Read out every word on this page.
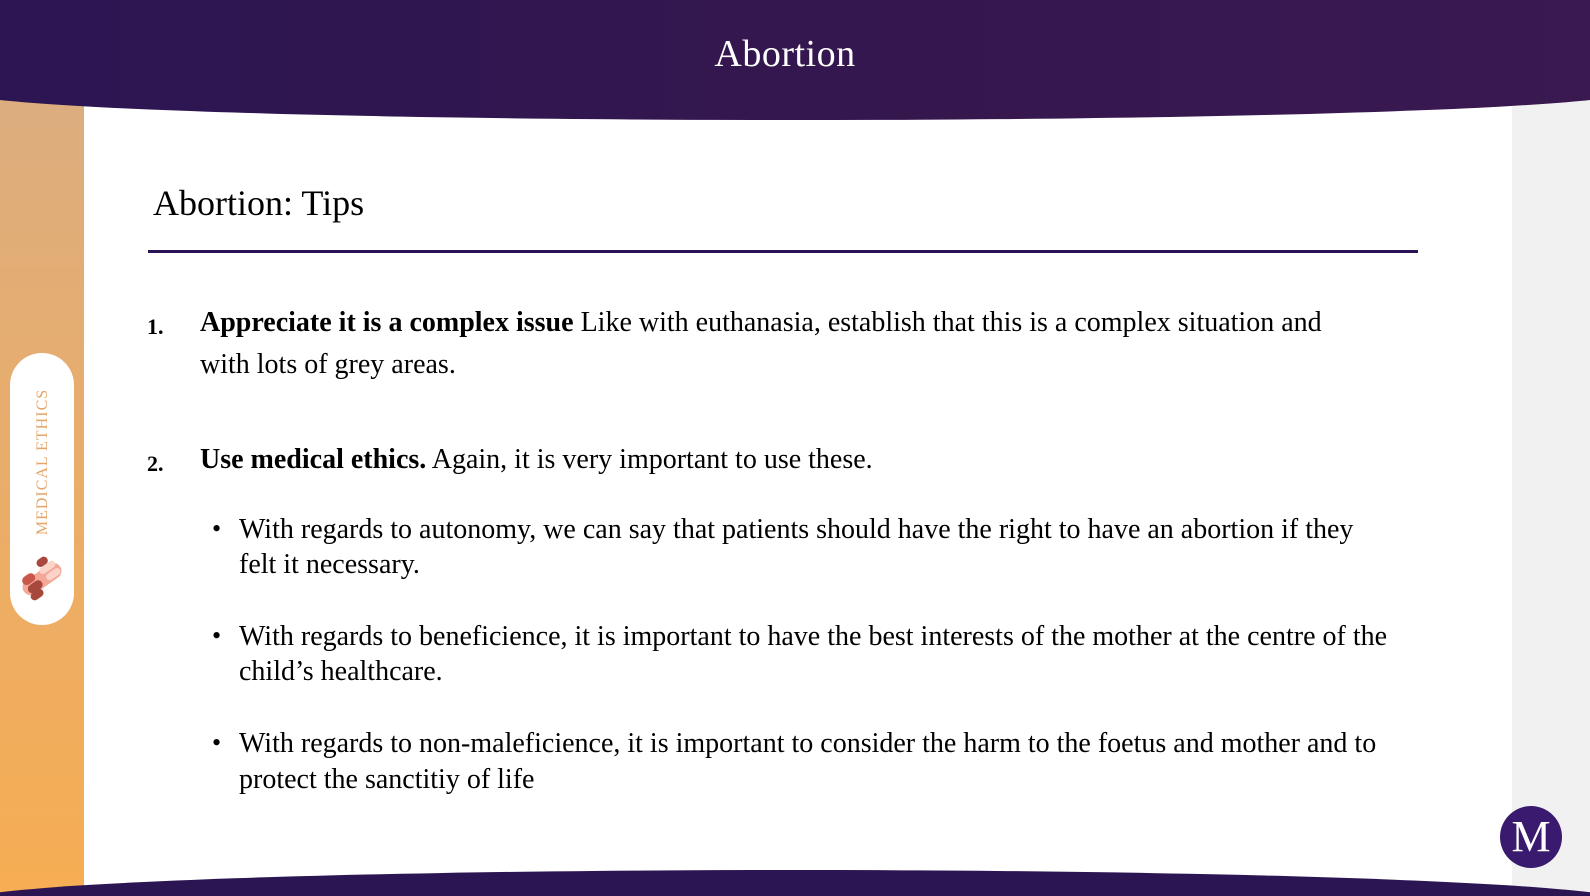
Abortion
MEDICAL ETHICS
Abortion: Tips
1. Appreciate it is a complex issue Like with euthanasia, establish that this is a complex situation and
with lots of grey areas.
2. Use medical ethics. Again, it is very important to use these.
• With regards to autonomy, we can say that patients should have the right to have an abortion if they
felt it necessary.
• With regards to beneficience, it is important to have the best interests of the mother at the centre of the
child’s healthcare.
• With regards to non-maleficience, it is important to consider the harm to the foetus and mother and to
protect the sanctitiy of life
M
